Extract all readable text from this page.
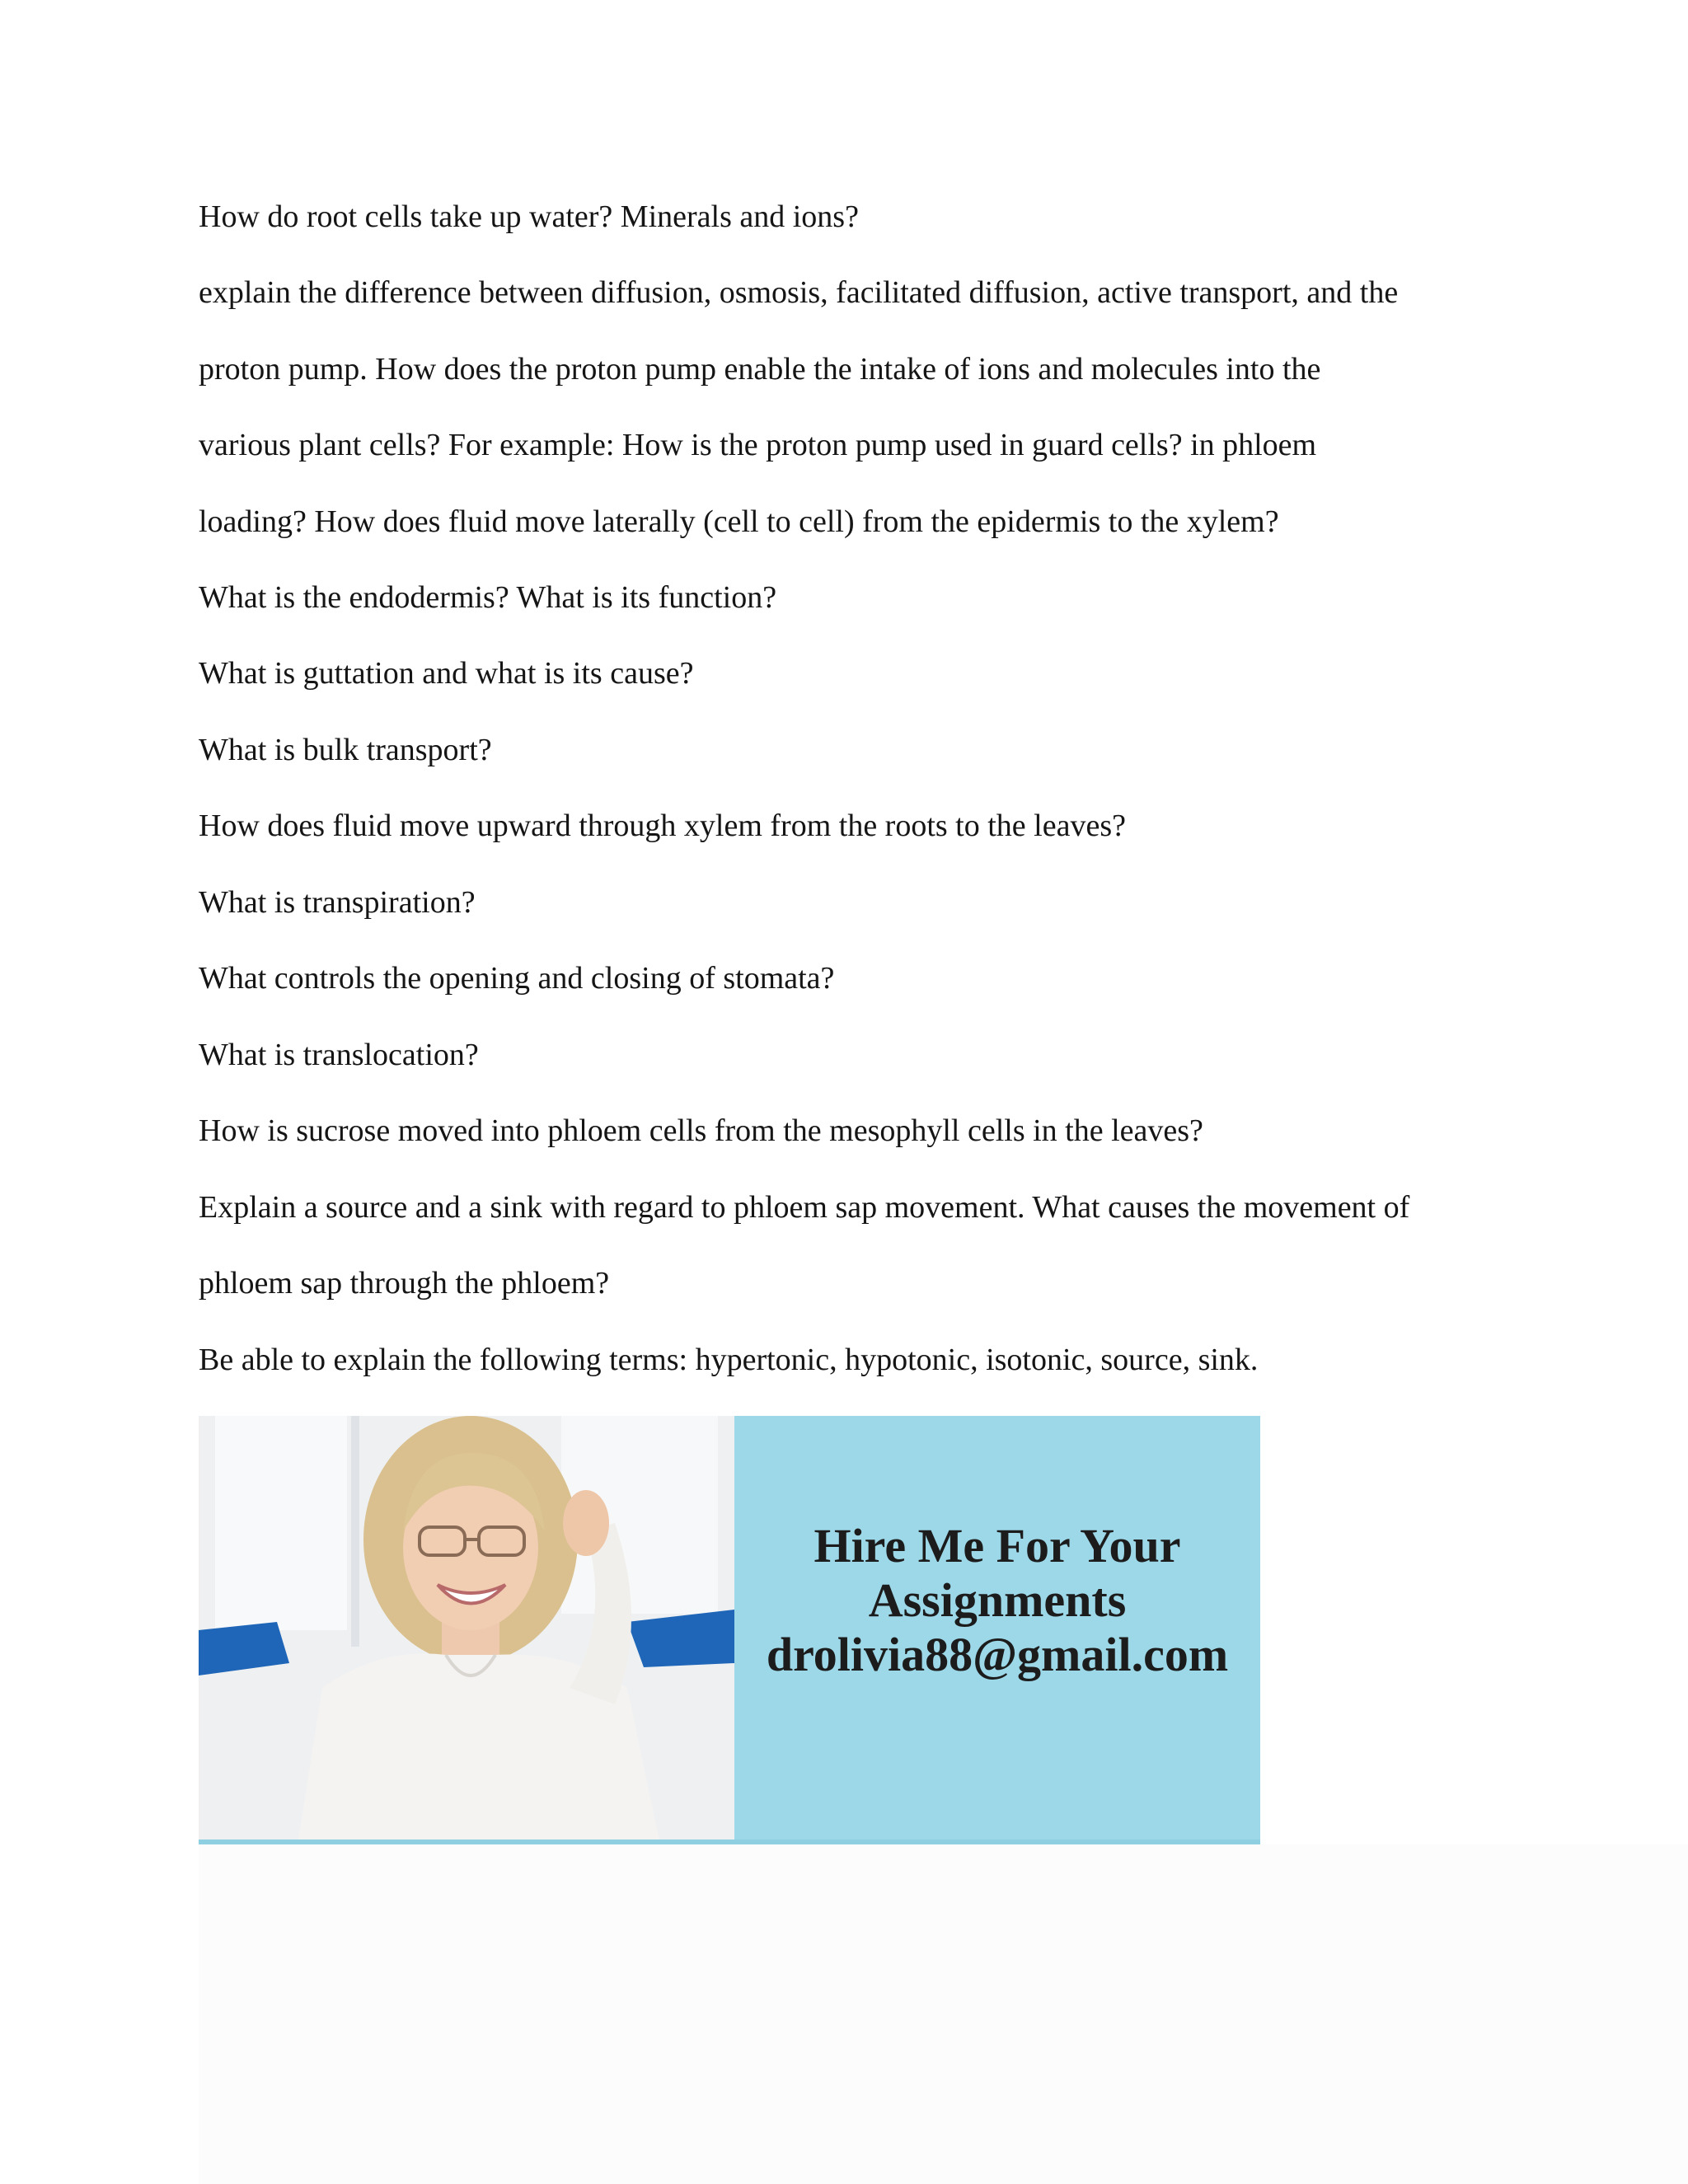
How do root cells take up water? Minerals and ions?
explain the difference between diffusion, osmosis, facilitated diffusion, active transport, and the
proton pump. How does the proton pump enable the intake of ions and molecules into the
various plant cells? For example: How is the proton pump used in guard cells? in phloem
loading? How does fluid move laterally (cell to cell) from the epidermis to the xylem?
What is the endodermis? What is its function?
What is guttation and what is its cause?
What is bulk transport?
How does fluid move upward through xylem from the roots to the leaves?
What is transpiration?
What controls the opening and closing of stomata?
What is translocation?
How is sucrose moved into phloem cells from the mesophyll cells in the leaves?
Explain a source and a sink with regard to phloem sap movement. What causes the movement of
phloem sap through the phloem?
Be able to explain the following terms: hypertonic, hypotonic, isotonic, source, sink.
Hire Me For Your
Assignments
drolivia88@gmail.com
